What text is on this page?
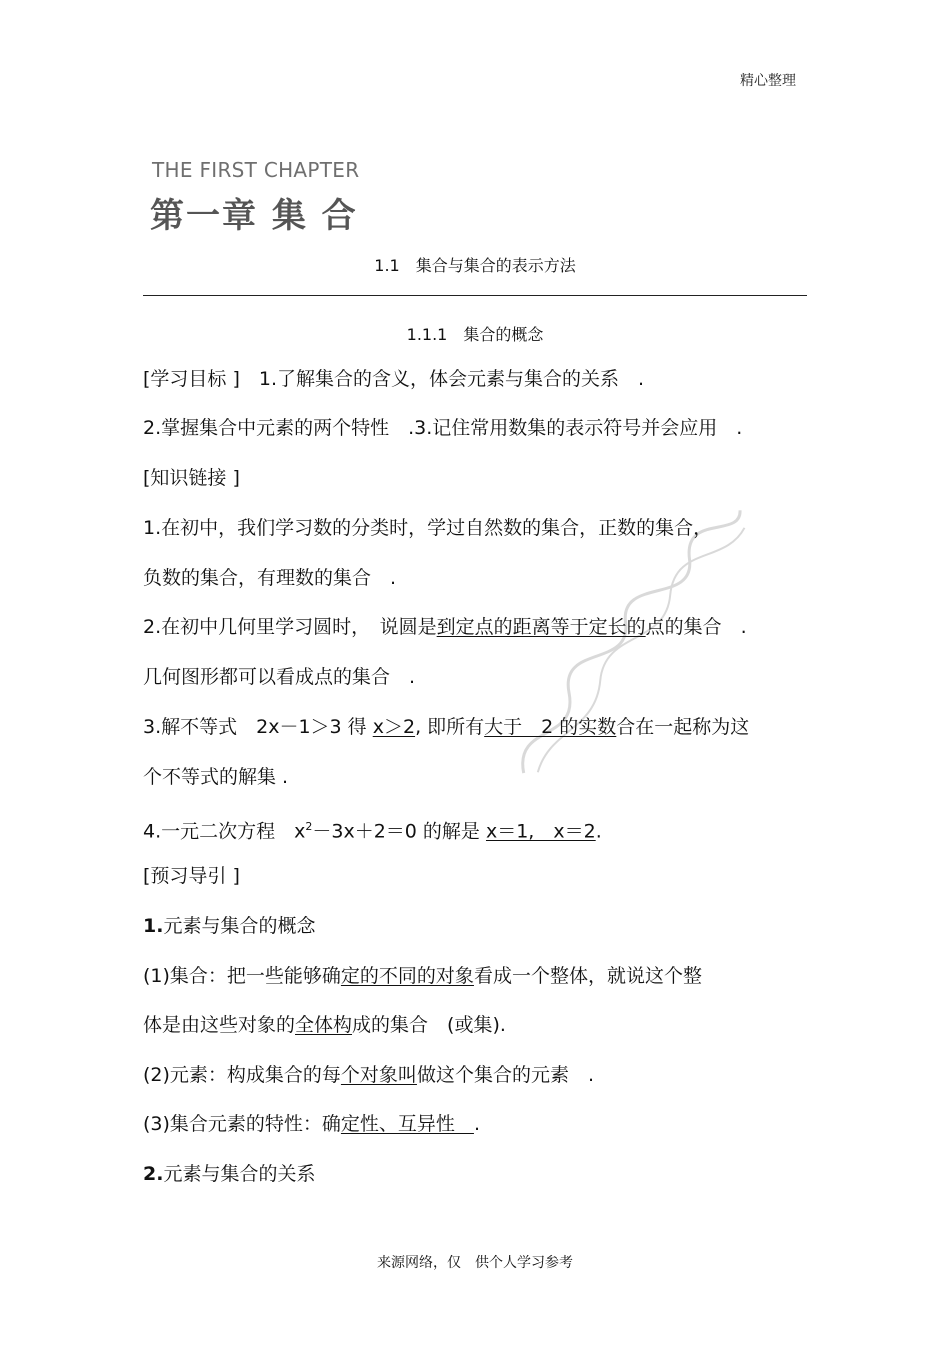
精心整理
THE FIRST CHAPTER
第一章 集 合
1.1　集合与集合的表示方法
1.1.1　集合的概念
[学习目标 ]　1.了解集合的含义，体会元素与集合的关系　.
2.掌握集合中元素的两个特性　.3.记住常用数集的表示符号并会应用　.
[知识链接 ]
1.在初中，我们学习数的分类时，学过自然数的集合，正数的集合，
负数的集合，有理数的集合　.
2.在初中几何里学习圆时，　说圆是到定点的距离等于定长的点的集合　.
几何图形都可以看成点的集合　.
3.解不等式　2x－1＞3 得 x＞2, 即所有大于　2 的实数合在一起称为这
个不等式的解集 .
4.一元二次方程　$x^2-3x+2=0$ 的解是 x＝1,　x＝2.
[预习导引 ]
1.元素与集合的概念
(1)集合：把一些能够确定的不同的对象看成一个整体，就说这个整
体是由这些对象的全体构成的集合　(或集).
(2)元素：构成集合的每个对象叫做这个集合的元素　.
(3)集合元素的特性：确定性、互异性　.
2.元素与集合的关系
来源网络，仅　供个人学习参考
